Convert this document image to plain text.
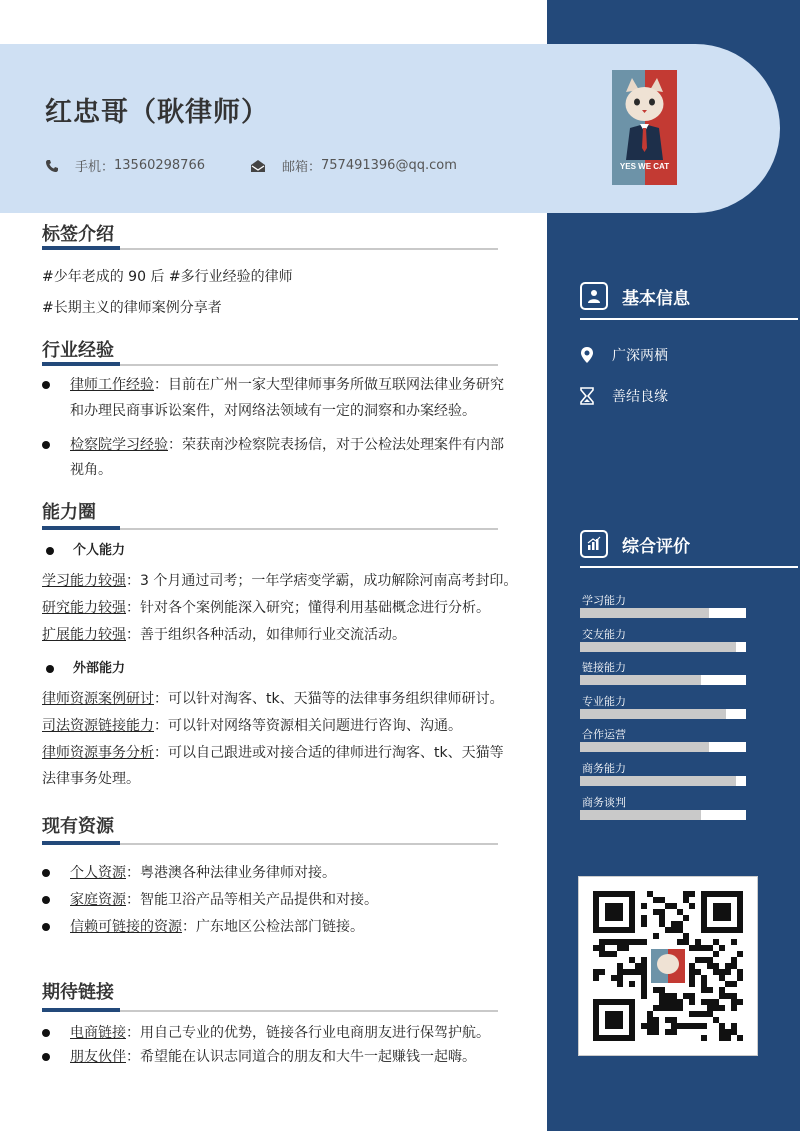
红忠哥（耿律师）
手机： 13560298766	邮箱： 757491396@qq.com	YES WE CAT
标签介绍
#少年老成的 90 后 #多行业经验的律师
#长期主义的律师案例分享者
行业经验
律师工作经验：目前在广州一家大型律师事务所做互联网法律业务研究
和办理民商事诉讼案件，对网络法领域有一定的洞察和办案经验。
检察院学习经验：荣获南沙检察院表扬信，对于公检法处理案件有内部
视角。
能力圈
个人能力
学习能力较强：3 个月通过司考；一年学痞变学霸，成功解除河南高考封印。
研究能力较强：针对各个案例能深入研究；懂得利用基础概念进行分析。
扩展能力较强：善于组织各种活动，如律师行业交流活动。
外部能力
律师资源案例研讨：可以针对淘客、tk、天猫等的法律事务组织律师研讨。
司法资源链接能力：可以针对网络等资源相关问题进行咨询、沟通。
律师资源事务分析：可以自己跟进或对接合适的律师进行淘客、tk、天猫等
法律事务处理。
现有资源
个人资源：粤港澳各种法律业务律师对接。
家庭资源：智能卫浴产品等相关产品提供和对接。
信赖可链接的资源：广东地区公检法部门链接。
期待链接
电商链接：用自己专业的优势，链接各行业电商朋友进行保驾护航。
朋友伙伴：希望能在认识志同道合的朋友和大牛一起赚钱一起嗨。
基本信息
广深两栖
善结良缘
综合评价
学习能力
交友能力
链接能力
专业能力
合作运营
商务能力
商务谈判
